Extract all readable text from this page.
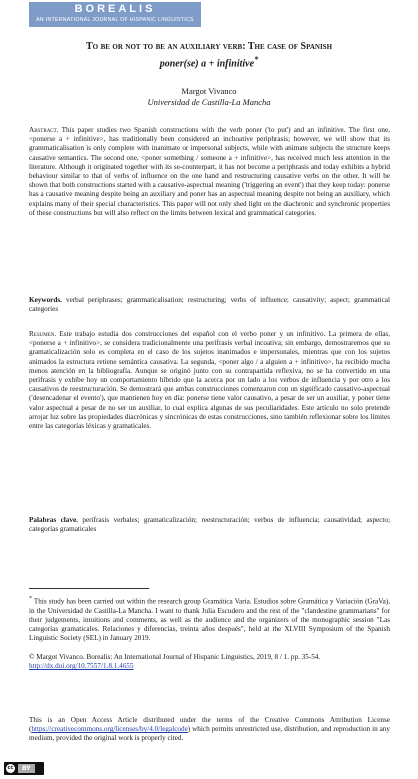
BOREALIS
AN INTERNATIONAL JOURNAL OF HISPANIC LINGUISTICS
To be or not to be an auxiliary verb: The case of Spanish
poner(se) a + infinitive*
Margot Vivanco
Universidad de Castilla-La Mancha

Abstract. This paper studies two Spanish constructions with the verb poner ('to put') and an infinitive. The first one, <ponerse a + infinitive>, has traditionally been considered an inchoative periphrasis; however, we will show that its grammaticalisation is only complete with inanimate or impersonal subjects, while with animate subjects the structure keeps causative semantics. The second one, <poner something / someone a + infinitive>, has received much less attention in the literature. Although it originated together with its se-counterpart, it has not become a periphrasis and today exhibits a hybrid behaviour similar to that of verbs of influence on the one hand and restructuring causative verbs on the other. It will be shown that both constructions started with a causative-aspectual meaning ('triggering an event') that they keep today: ponerse has a causative meaning despite being an auxiliary and poner has an aspectual meaning despite not being an auxiliary, which explains many of their special characteristics. This paper will not only shed light on the diachronic and synchronic properties of these constructions but will also reflect on the limits between lexical and grammatical categories.

Keywords. verbal periphrases; grammaticalisation; restructuring; verbs of influence; causativity; aspect; grammatical categories

Resumen. Este trabajo estudia dos construcciones del español con el verbo poner y un infinitivo. La primera de ellas, <ponerse a + infinitivo>, se considera tradicionalmente una perífrasis verbal incoativa; sin embargo, demostraremos que su gramaticalización solo es completa en el caso de los sujetos inanimados e impersonales, mientras que con los sujetos animados la estructura retiene semántica causativa. La segunda, <poner algo / a alguien a + infinitivo>, ha recibido mucha menos atención en la bibliografía. Aunque se originó junto con su contrapartida reflexiva, no se ha convertido en una perífrasis y exhibe hoy un comportamiento híbrido que la acerca por un lado a los verbos de influencia y por otro a los causativos de reestructuración. Se demostrará que ambas construcciones comenzaron con un significado causativo-aspectual ('desencadenar el evento'), que mantienen hoy en día: ponerse tiene valor causativo, a pesar de ser un auxiliar, y poner tiene valor aspectual a pesar de no ser un auxiliar, lo cual explica algunas de sus peculiaridades. Este artículo no solo pretende arrojar luz sobre las propiedades diacrónicas y sincrónicas de estas construcciones, sino también reflexionar sobre los límites entre las categorías léxicas y gramaticales.

Palabras clave. perífrasis verbales; gramaticalización; reestructuración; verbos de influencia; causatividad; aspecto; categorías gramaticales

* This study has been carried out within the research group Gramática Varia. Estudios sobre Gramática y Variación (GraVa), in the Universidad de Castilla-La Mancha. I want to thank Julia Escudero and the rest of the "clandestine grammarians" for their judgements, intuitions and comments, as well as the audience and the organizers of the monographic session "Las categorías gramaticales. Relaciones y diferencias, treinta años después", held at the XLVIII Symposium of the Spanish Linguistic Society (SEL) in January 2019.

© Margot Vivanco. Borealis: An International Journal of Hispanic Linguistics, 2019, 8 / 1. pp. 35-54.
http://dx.doi.org/10.7557/1.8.1.4655

This is an Open Access Article distributed under the terms of the Creative Commons Attribution License (https://creativecommons.org/licenses/by/4.0/legalcode) which permits unrestricted use, distribution, and reproduction in any medium, provided the original work is properly cited.

cc	BY
